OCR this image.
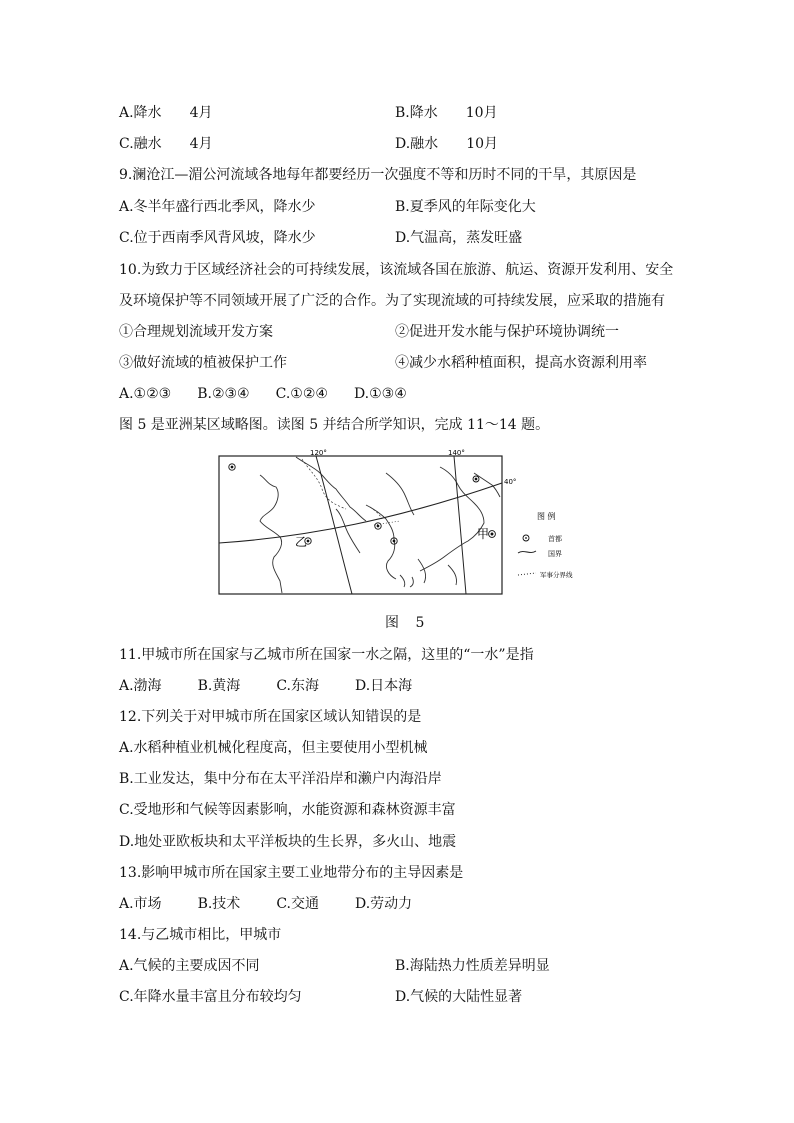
A.降水 4月	B.降水 10月
C.融水 4月	D.融水 10月
9.澜沧江—湄公河流域各地每年都要经历一次强度不等和历时不同的干旱，其原因是
A.冬半年盛行西北季风，降水少	B.夏季风的年际变化大
C.位于西南季风背风坡，降水少	D.气温高，蒸发旺盛
10.为致力于区域经济社会的可持续发展，该流域各国在旅游、航运、资源开发利用、安全
及环境保护等不同领域开展了广泛的合作。为了实现流域的可持续发展，应采取的措施有
①合理规划流域开发方案	②促进开发水能与保护环境协调统一
③做好流域的植被保护工作	④减少水稻种植面积，提高水资源利用率
A.①②③ B.②③④ C.①②④ D.①③④
图 5 是亚洲某区域略图。读图 5 并结合所学知识，完成 11～14 题。
120°	140°
40°
甲
乙
图 例
首都
国界
军事分界线
图 5
11.甲城市所在国家与乙城市所在国家一水之隔，这里的“一水”是指
A.渤海	B.黄海	C.东海	D.日本海
12.下列关于对甲城市所在国家区域认知错误的是
A.水稻种植业机械化程度高，但主要使用小型机械
B.工业发达，集中分布在太平洋沿岸和濑户内海沿岸
C.受地形和气候等因素影响，水能资源和森林资源丰富
D.地处亚欧板块和太平洋板块的生长界，多火山、地震
13.影响甲城市所在国家主要工业地带分布的主导因素是
A.市场	B.技术	C.交通	D.劳动力
14.与乙城市相比，甲城市
A.气候的主要成因不同	B.海陆热力性质差异明显
C.年降水量丰富且分布较均匀	D.气候的大陆性显著
